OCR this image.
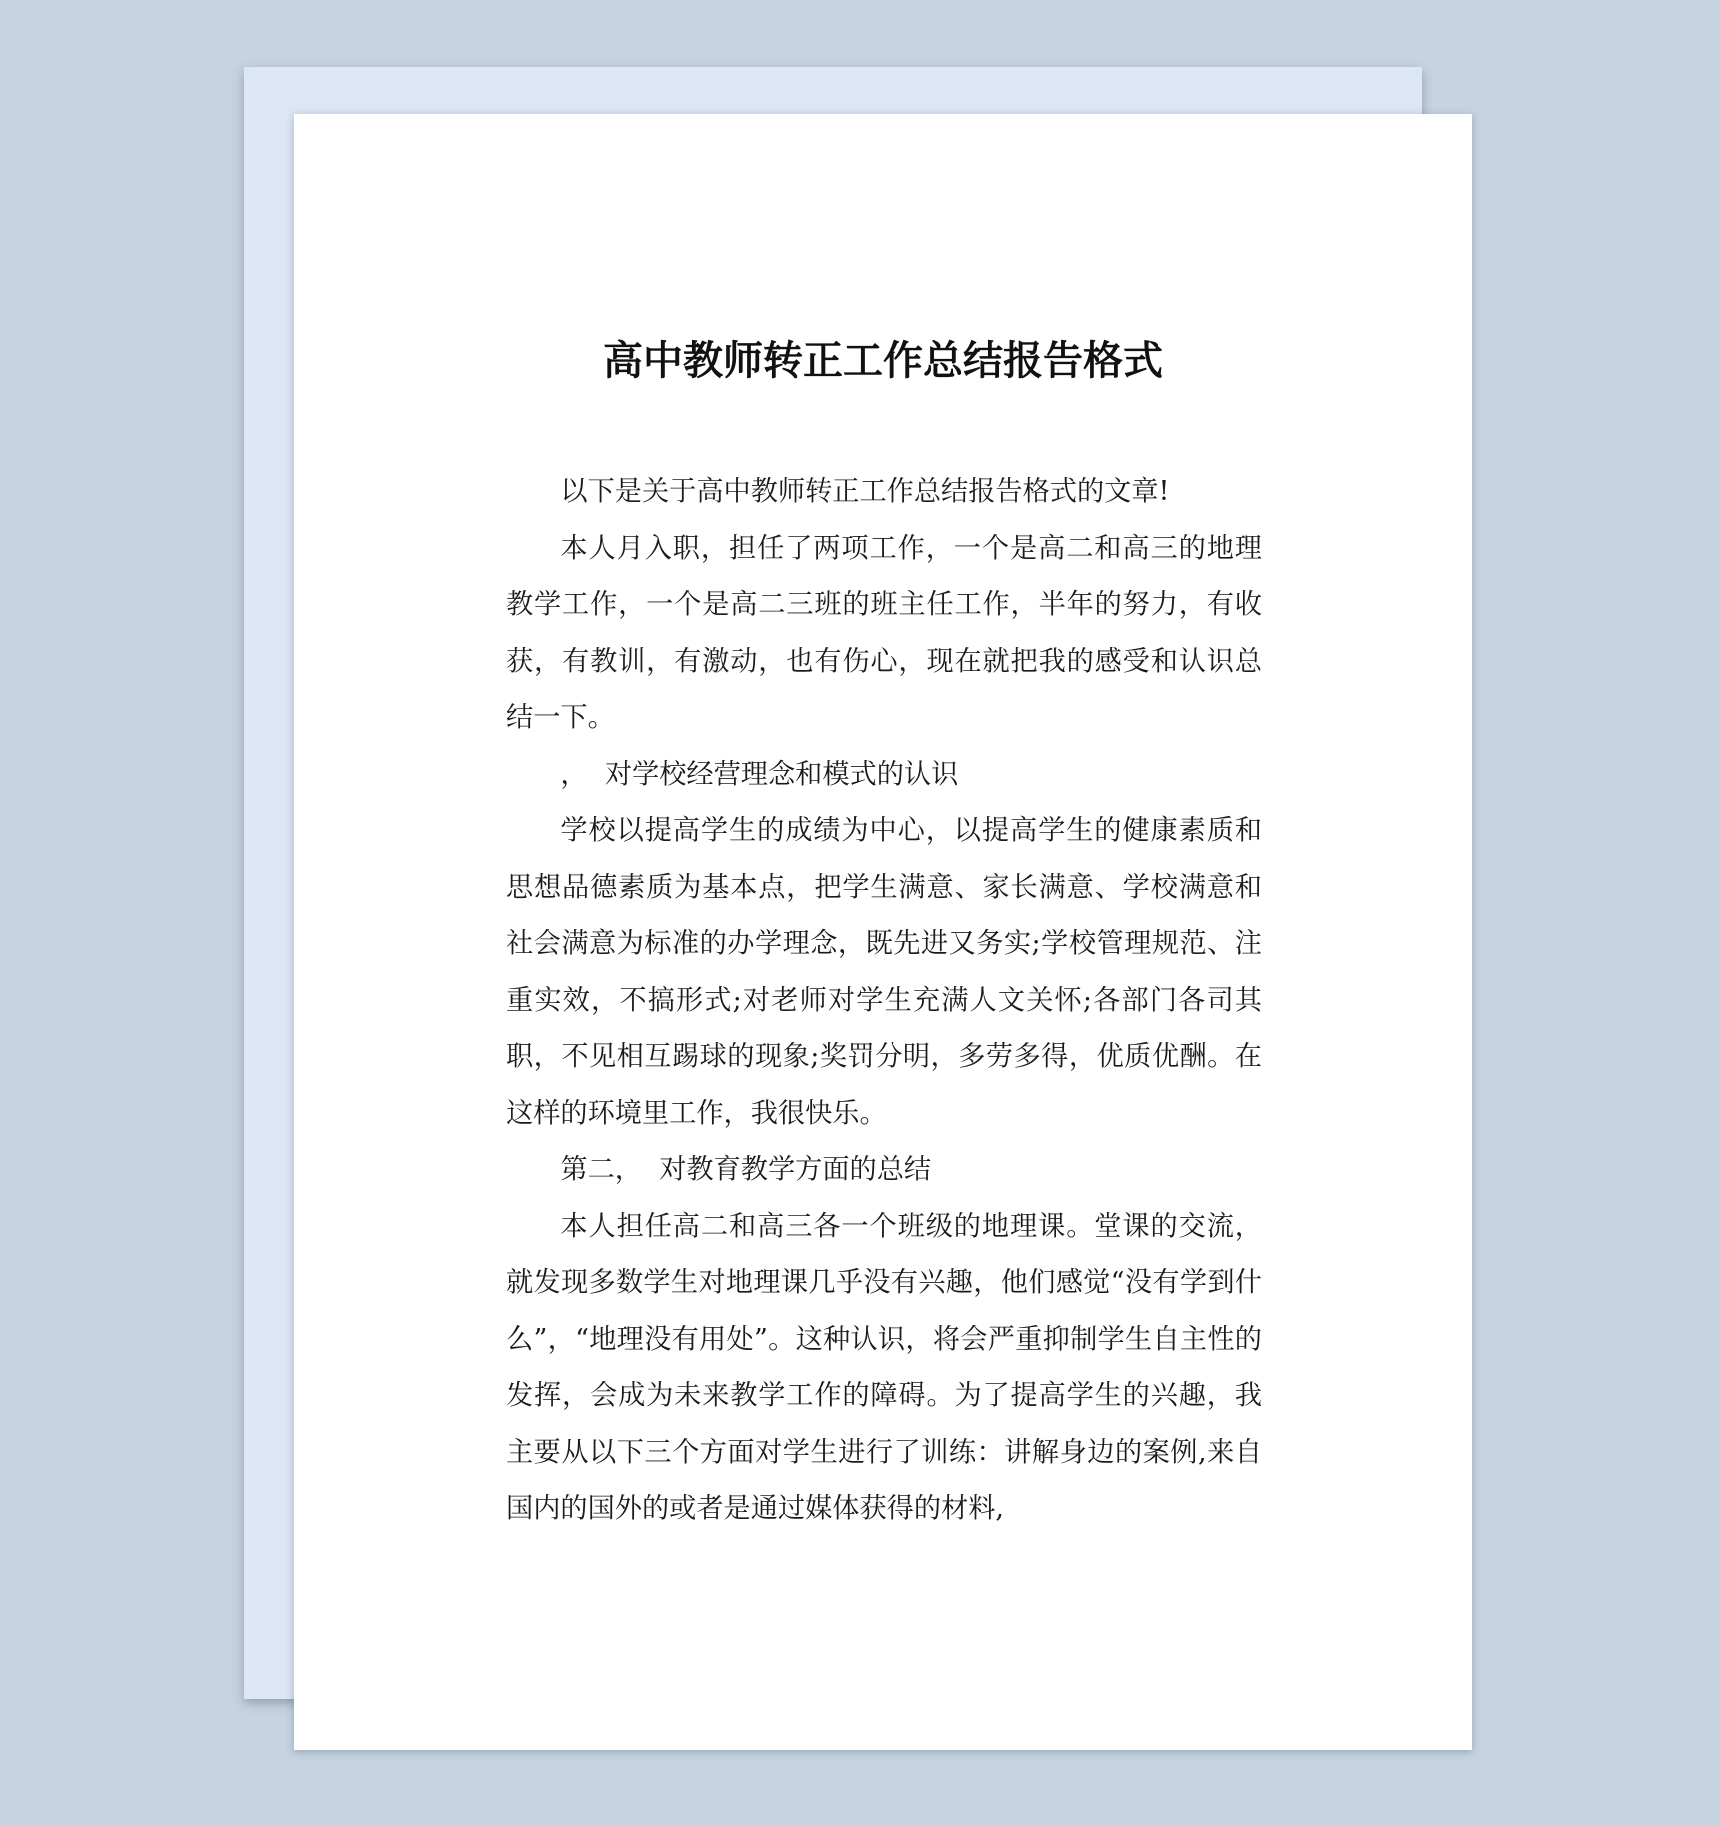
高中教师转正工作总结报告格式

以下是关于高中教师转正工作总结报告格式的文章!

本人月入职，担任了两项工作，一个是高二和高三的地理教学工作，一个是高二三班的班主任工作，半年的努力，有收获，有教训，有激动，也有伤心，现在就把我的感受和认识总结一下。

，  对学校经营理念和模式的认识

学校以提高学生的成绩为中心，以提高学生的健康素质和思想品德素质为基本点，把学生满意、家长满意、学校满意和社会满意为标准的办学理念，既先进又务实;学校管理规范、注重实效，不搞形式;对老师对学生充满人文关怀;各部门各司其职，不见相互踢球的现象;奖罚分明，多劳多得，优质优酬。在这样的环境里工作，我很快乐。

第二，  对教育教学方面的总结

本人担任高二和高三各一个班级的地理课。堂课的交流，就发现多数学生对地理课几乎没有兴趣，他们感觉“没有学到什么”，“地理没有用处”。这种认识，将会严重抑制学生自主性的发挥，会成为未来教学工作的障碍。为了提高学生的兴趣，我主要从以下三个方面对学生进行了训练：讲解身边的案例,来自国内的国外的或者是通过媒体获得的材料,
